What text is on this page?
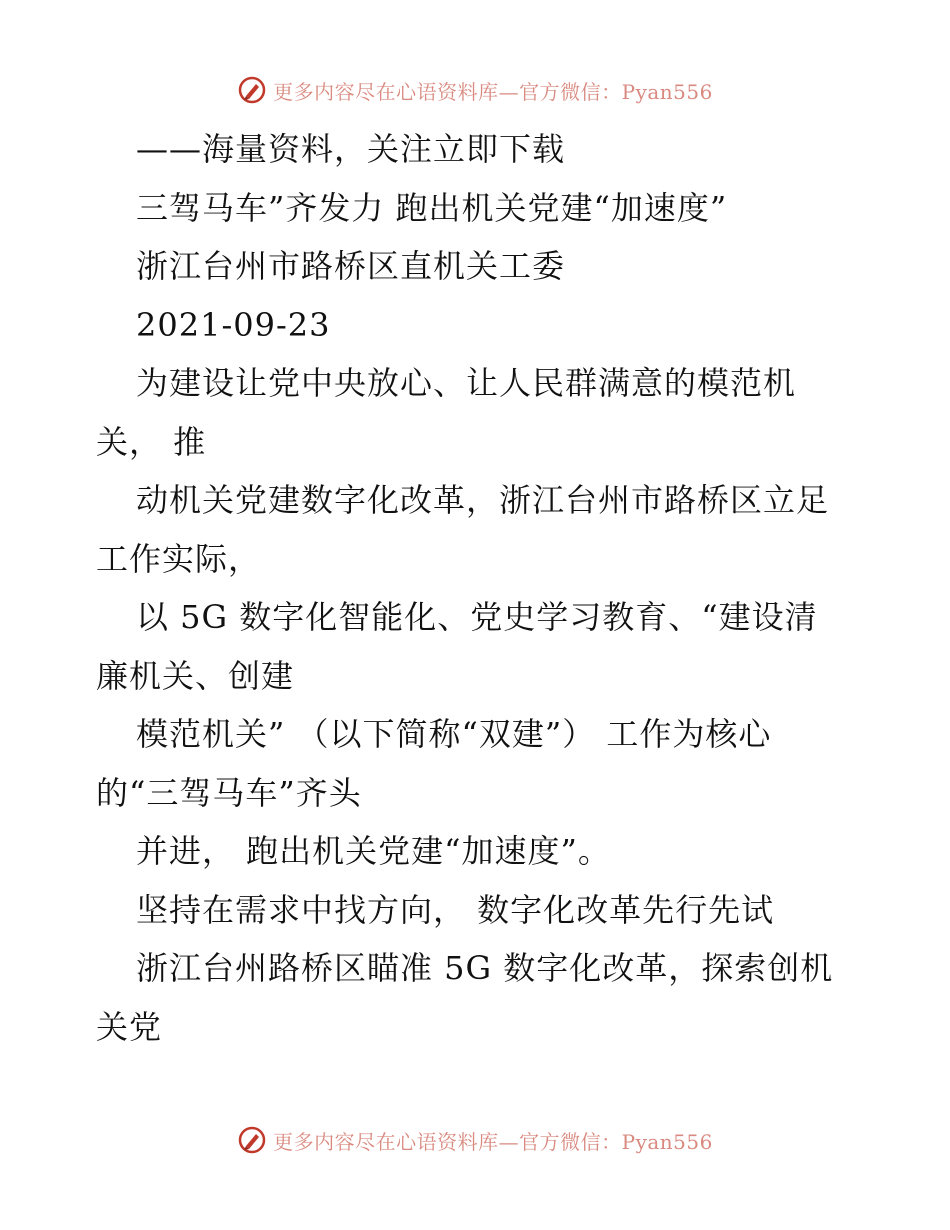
更多内容尽在心语资料库—官方微信：Pyan556
——海量资料，关注立即下载
三驾马车”齐发力 跑出机关党建“加速度”
浙江台州市路桥区直机关工委
2021-09-23
为建设让党中央放心、让人民群满意的模范机
关， 推
动机关党建数字化改革，浙江台州市路桥区立足
工作实际，
以 5G 数字化智能化、党史学习教育、“建设清
廉机关、创建
模范机关” （以下简称“双建”） 工作为核心
的“三驾马车”齐头
并进， 跑出机关党建“加速度”。
坚持在需求中找方向， 数字化改革先行先试
浙江台州路桥区瞄准 5G 数字化改革，探索创机
关党
更多内容尽在心语资料库—官方微信：Pyan556
